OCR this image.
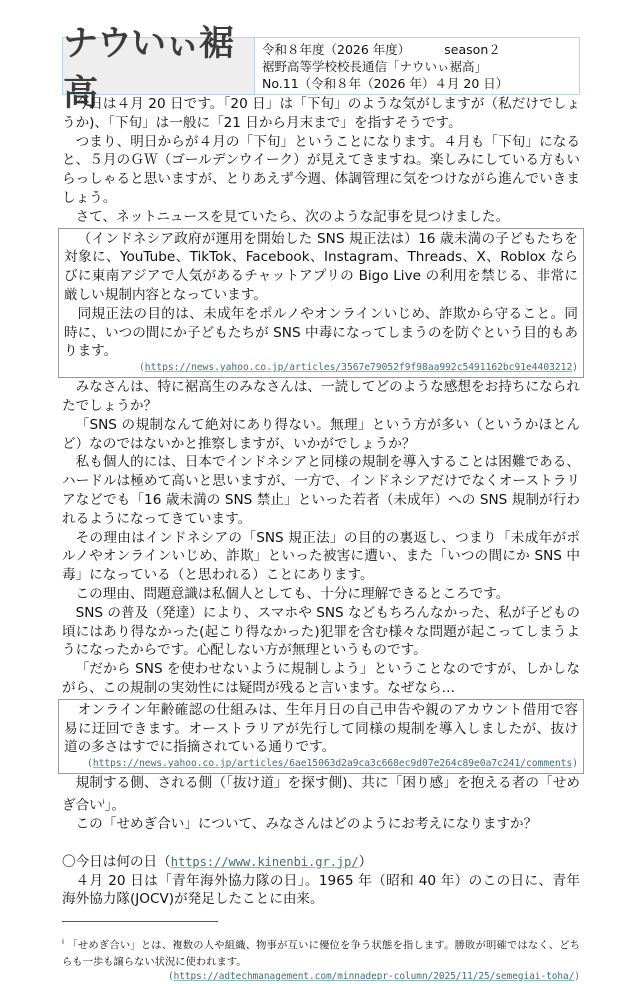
ナウいぃ裾高
令和８年度（2026 年度）	season２
裾野高等学校校長通信「ナウいぃ裾高」
No.11（令和８年（2026 年）４月 20 日）

今日は４月 20 日です。「20 日」は「下旬」のような気がしますが（私だけでしょうか)、「下旬」は一般に「21 日から月末まで」を指すそうです。

つまり、明日からが４月の「下旬」ということになります。４月も「下旬」になると、５月のＧＷ（ゴールデンウイーク）が見えてきますね。楽しみにしている方もいらっしゃると思いますが、とりあえず今週、体調管理に気をつけながら進んでいきましょう。

さて、ネットニュースを見ていたら、次のような記事を見つけました。

（インドネシア政府が運用を開始した SNS 規正法は）16 歳未満の子どもたちを対象に、YouTube、TikTok、Facebook、Instagram、Threads、X、Roblox ならびに東南アジアで人気があるチャットアプリの Bigo Live の利用を禁じる、非常に厳しい規制内容となっています。

同規正法の目的は、未成年をポルノやオンラインいじめ、詐欺から守ること。同時に、いつの間にか子どもたちが SNS 中毒になってしまうのを防ぐという目的もあります。

(https://news.yahoo.co.jp/articles/3567e79052f9f98aa992c5491162bc91e4403212)

みなさんは、特に裾高生のみなさんは、一読してどのような感想をお持ちになられたでしょうか？

「SNS の規制なんて絶対にあり得ない。無理」という方が多い（というかほとんど）なのではないかと推察しますが、いかがでしょうか？

私も個人的には、日本でインドネシアと同様の規制を導入することは困難である、ハードルは極めて高いと思いますが、一方で、インドネシアだけでなくオーストラリアなどでも「16 歳未満の SNS 禁止」といった若者（未成年）への SNS 規制が行われるようになってきています。

その理由はインドネシアの「SNS 規正法」の目的の裏返し、つまり「未成年がポルノやオンラインいじめ、詐欺」といった被害に遭い、また「いつの間にか SNS 中毒」になっている（と思われる）ことにあります。

この理由、問題意識は私個人としても、十分に理解できるところです。

SNS の普及（発達）により、スマホや SNS などもちろんなかった、私が子どもの頃にはあり得なかった(起こり得なかった)犯罪を含む様々な問題が起こってしまうようになったからです。心配しない方が無理というものです。

「だから SNS を使わせないように規制しよう」ということなのですが、しかしながら、この規制の実効性には疑問が残ると言います。なぜなら…

オンライン年齢確認の仕組みは、生年月日の自己申告や親のアカウント借用で容易に迂回できます。オーストラリアが先行して同様の規制を導入しましたが、抜け道の多さはすでに指摘されている通りです。

(https://news.yahoo.co.jp/articles/6ae15063d2a9ca3c668ec9d07e264c89e0a7c241/comments)

規制する側、される側（「抜け道」を探す側)、共に「困り感」を抱える者の「せめぎ合い$^i$」。

この「せめぎ合い」について、みなさんはどのようにお考えになりますか？

〇今日は何の日（https://www.kinenbi.gr.jp/）

４月 20 日は「青年海外協力隊の日」。1965 年（昭和 40 年）のこの日に、青年海外協力隊(JOCV)が発足したことに由来。

$^i$ 「せめぎ合い」とは、複数の人や組織、物事が互いに優位を争う状態を指します。勝敗が明確ではなく、どちらも一歩も譲らない状況に使われます。

(https://adtechmanagement.com/minnadepr-column/2025/11/25/semegiai-toha/)
